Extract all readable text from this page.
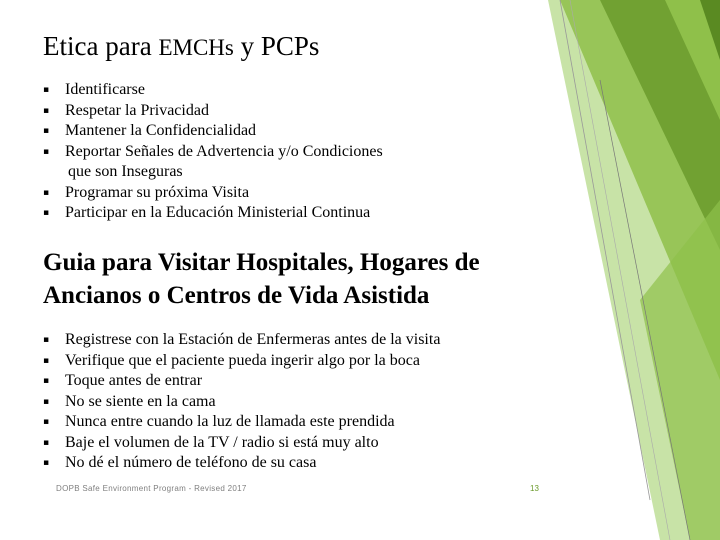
Etica para EMCHs y PCPs
▪ Identificarse
▪ Respetar la Privacidad
▪ Mantener la Confidencialidad
▪ Reportar Señales de Advertencia y/o Condiciones
que son Inseguras
▪ Programar su próxima Visita
▪ Participar en la Educación Ministerial Continua
Guia para Visitar Hospitales, Hogares de
Ancianos o Centros de Vida Asistida
▪ Registrese con la Estación de Enfermeras antes de la visita
▪ Verifique que el paciente pueda ingerir algo por la boca
▪ Toque antes de entrar
▪ No se siente en la cama
▪ Nunca entre cuando la luz de llamada este prendida
▪ Baje el volumen de la TV / radio si está muy alto
▪ No dé el número de teléfono de su casa
DOPB Safe Environment Program - Revised 2017	13
